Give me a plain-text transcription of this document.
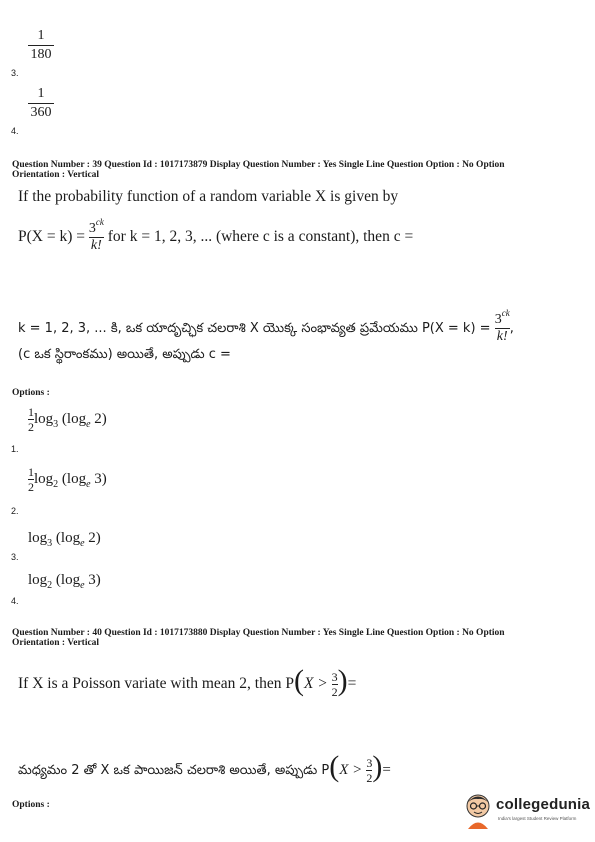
1
180
3.
1
360
4.
Question Number : 39 Question Id : 1017173879 Display Question Number : Yes Single Line Question Option : No Option
Orientation : Vertical
If the probability function of a random variable X is given by
$P(X = k) = \frac{3^{ck}}{k!}$ for k = 1, 2, 3, ... (where c is a constant), then c =
k = 1, 2, 3, ... కి, ఒక యాదృచ్ఛిక చలరాశి X యొక్క సంభావ్యత ప్రమేయము $P(X = k) = \frac{3^{ck}}{k!}$,
(c ఒక స్థిరాంకము) అయితే, అప్పుడు c =
Options :
$\frac{1}{2}\log_3$ ($\log_e$ 2)
1.
$\frac{1}{2}\log_2$ ($\log_e$ 3)
2.
$\log_3 (\log_e$ 2)
3.
$\log_2 (\log_e$ 3)
4.
Question Number : 40 Question Id : 1017173880 Display Question Number : Yes Single Line Question Option : No Option
Orientation : Vertical
If X is a Poisson variate with mean 2, then $P(X > \frac{3}{2})=$
మధ్యమం 2 తో X ఒక పాయిజన్ చలరాశి అయితే, అప్పుడు $P(X > \frac{3}{2})=$
Options :	collegedunia
India's largest Student Review Platform
